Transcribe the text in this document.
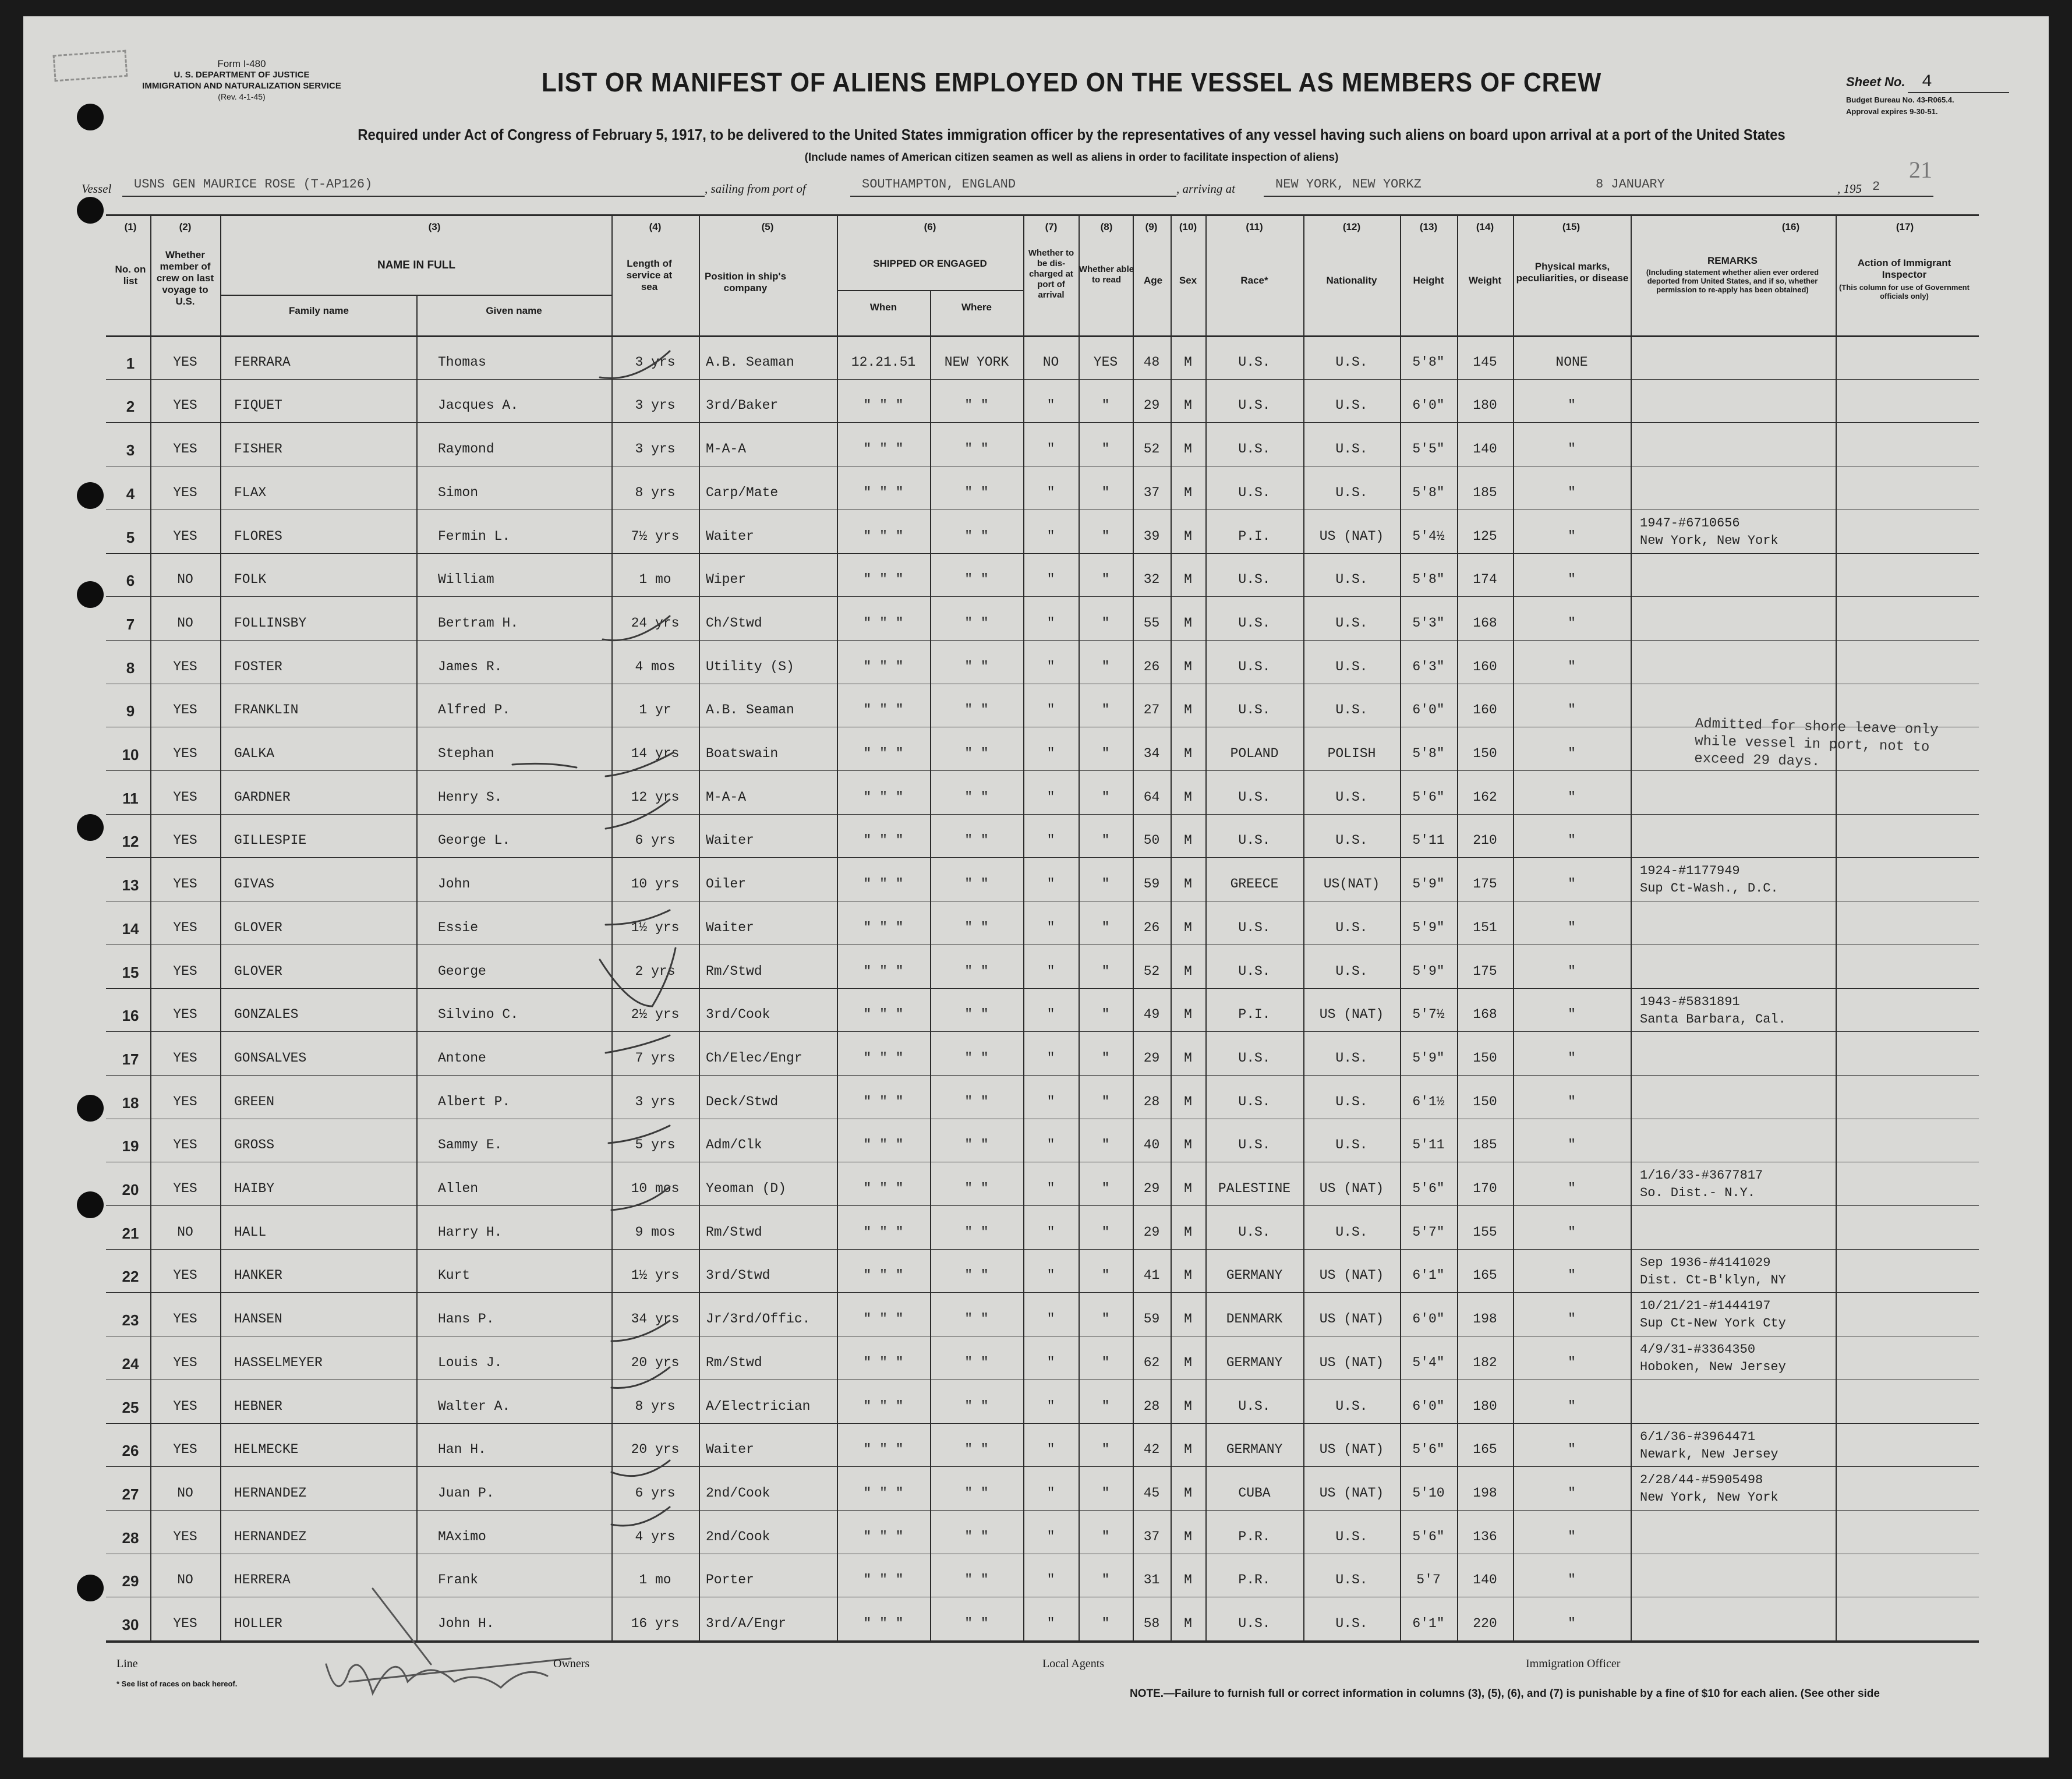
Form I-480
U. S. DEPARTMENT OF JUSTICE
IMMIGRATION AND NATURALIZATION SERVICE
(Rev. 4-1-45)	LIST OR MANIFEST OF ALIENS EMPLOYED ON THE VESSEL AS MEMBERS OF CREW
Required under Act of Congress of February 5, 1917, to be delivered to the United States immigration officer by the representatives of any vessel having such aliens on board upon arrival at a port of the United States
(Include names of American citizen seamen as well as aliens in order to facilitate inspection of aliens)
Sheet No. 4
Budget Bureau No. 43-R065.4.
Approval expires 9-30-51.
21
Vessel USNS GEN MAURICE ROSE (T-AP126)	, sailing from port of	SOUTHAMPTON, ENGLAND	, arriving at	NEW YORK, NEW YORKZ	8 JANUARY	, 195 2
No. on list
Whether member of crew on last voyage to U.S.
NAME IN FULL
Family name	Given name
Length of service at sea
Position in ship's company
SHIPPED OR ENGAGED
When	Where
Whether to be dis-charged at port of arrival
Whether able to read	Age	Sex	Race*	Nationality	Height	Weight
Physical marks, peculiarities, or disease
REMARKS
(Including statement whether alien ever ordered deported from United States, and if so, whether permission to re-apply has been obtained)
Action of Immigrant Inspector
(This column for use of Government officials only)
(1)	(2)	(3)	(4)	(5)	(6)	(7)	(8)	(9)	(10)	(11)	(12)	(13)	(14)	(15)	(16)	(17)
1	YES	FERRARA	Thomas	3 yrs	A.B. Seaman	12.21.51	NEW YORK	NO	YES	48	M	U.S.	U.S.	5'8"	145	NONE
2	YES	FIQUET	Jacques A.	3 yrs	3rd/Baker	" " "	" "	"	"	29	M	U.S.	U.S.	6'0"	180	"
3	YES	FISHER	Raymond	3 yrs	M-A-A	" " "	" "	"	"	52	M	U.S.	U.S.	5'5"	140	"
4	YES	FLAX	Simon	8 yrs	Carp/Mate	" " "	" "	"	"	37	M	U.S.	U.S.	5'8"	185	"
5	YES	FLORES	Fermin L.	7½ yrs	Waiter	" " "	" "	"	"	39	M	P.I.	US (NAT)	5'4½	125	"
1947-#6710656
New York, New York
6	NO	FOLK	William	1 mo	Wiper	" " "	" "	"	"	32	M	U.S.	U.S.	5'8"	174	"
7	NO	FOLLINSBY	Bertram H.	24 yrs	Ch/Stwd	" " "	" "	"	"	55	M	U.S.	U.S.	5'3"	168	"
8	YES	FOSTER	James R.	4 mos	Utility (S)	" " "	" "	"	"	26	M	U.S.	U.S.	6'3"	160	"
9	YES	FRANKLIN	Alfred P.	1 yr	A.B. Seaman	" " "	" "	"	"	27	M	U.S.	U.S.	6'0"	160	"
10	YES	GALKA	Stephan	14 yrs	Boatswain	" " "	" "	"	"	34	M	POLAND	POLISH	5'8"	150	"
11	YES	GARDNER	Henry S.	12 yrs	M-A-A	" " "	" "	"	"	64	M	U.S.	U.S.	5'6"	162	"
12	YES	GILLESPIE	George L.	6 yrs	Waiter	" " "	" "	"	"	50	M	U.S.	U.S.	5'11	210	"
13	YES	GIVAS	John	10 yrs	Oiler	" " "	" "	"	"	59	M	GREECE	US(NAT)	5'9"	175	"
1924-#1177949
Sup Ct-Wash., D.C.
14	YES	GLOVER	Essie	1½ yrs	Waiter	" " "	" "	"	"	26	M	U.S.	U.S.	5'9"	151	"
15	YES	GLOVER	George	2 yrs	Rm/Stwd	" " "	" "	"	"	52	M	U.S.	U.S.	5'9"	175	"
16	YES	GONZALES	Silvino C.	2½ yrs	3rd/Cook	" " "	" "	"	"	49	M	P.I.	US (NAT)	5'7½	168	"
1943-#5831891
Santa Barbara, Cal.
17	YES	GONSALVES	Antone	7 yrs	Ch/Elec/Engr	" " "	" "	"	"	29	M	U.S.	U.S.	5'9"	150	"
18	YES	GREEN	Albert P.	3 yrs	Deck/Stwd	" " "	" "	"	"	28	M	U.S.	U.S.	6'1½	150	"
19	YES	GROSS	Sammy E.	5 yrs	Adm/Clk	" " "	" "	"	"	40	M	U.S.	U.S.	5'11	185	"
20	YES	HAIBY	Allen	10 mos	Yeoman (D)	" " "	" "	"	"	29	M	PALESTINE	US (NAT)	5'6"	170	"
1/16/33-#3677817
So. Dist.- N.Y.
21	NO	HALL	Harry H.	9 mos	Rm/Stwd	" " "	" "	"	"	29	M	U.S.	U.S.	5'7"	155	"
22	YES	HANKER	Kurt	1½ yrs	3rd/Stwd	" " "	" "	"	"	41	M	GERMANY	US (NAT)	6'1"	165	"
Sep 1936-#4141029
Dist. Ct-B'klyn, NY
23	YES	HANSEN	Hans P.	34 yrs	Jr/3rd/Offic.	" " "	" "	"	"	59	M	DENMARK	US (NAT)	6'0"	198	"
10/21/21-#1444197
Sup Ct-New York Cty
24	YES	HASSELMEYER	Louis J.	20 yrs	Rm/Stwd	" " "	" "	"	"	62	M	GERMANY	US (NAT)	5'4"	182	"
4/9/31-#3364350
Hoboken, New Jersey
25	YES	HEBNER	Walter A.	8 yrs	A/Electrician	" " "	" "	"	"	28	M	U.S.	U.S.	6'0"	180	"
26	YES	HELMECKE	Han H.	20 yrs	Waiter	" " "	" "	"	"	42	M	GERMANY	US (NAT)	5'6"	165	"
6/1/36-#3964471
Newark, New Jersey
27	NO	HERNANDEZ	Juan P.	6 yrs	2nd/Cook	" " "	" "	"	"	45	M	CUBA	US (NAT)	5'10	198	"
2/28/44-#5905498
New York, New York
28	YES	HERNANDEZ	MAximo	4 yrs	2nd/Cook	" " "	" "	"	"	37	M	P.R.	U.S.	5'6"	136	"
29	NO	HERRERA	Frank	1 mo	Porter	" " "	" "	"	"	31	M	P.R.	U.S.	5'7	140	"
30	YES	HOLLER	John H.	16 yrs	3rd/A/Engr	" " "	" "	"	"	58	M	U.S.	U.S.	6'1"	220	"
Admitted for shore leave only
while vessel in port, not to
exceed 29 days.
Line	Owners	Local Agents	Immigration Officer
* See list of races on back hereof.
NOTE.—Failure to furnish full or correct information in columns (3), (5), (6), and (7) is punishable by a fine of $10 for each alien. (See other side
